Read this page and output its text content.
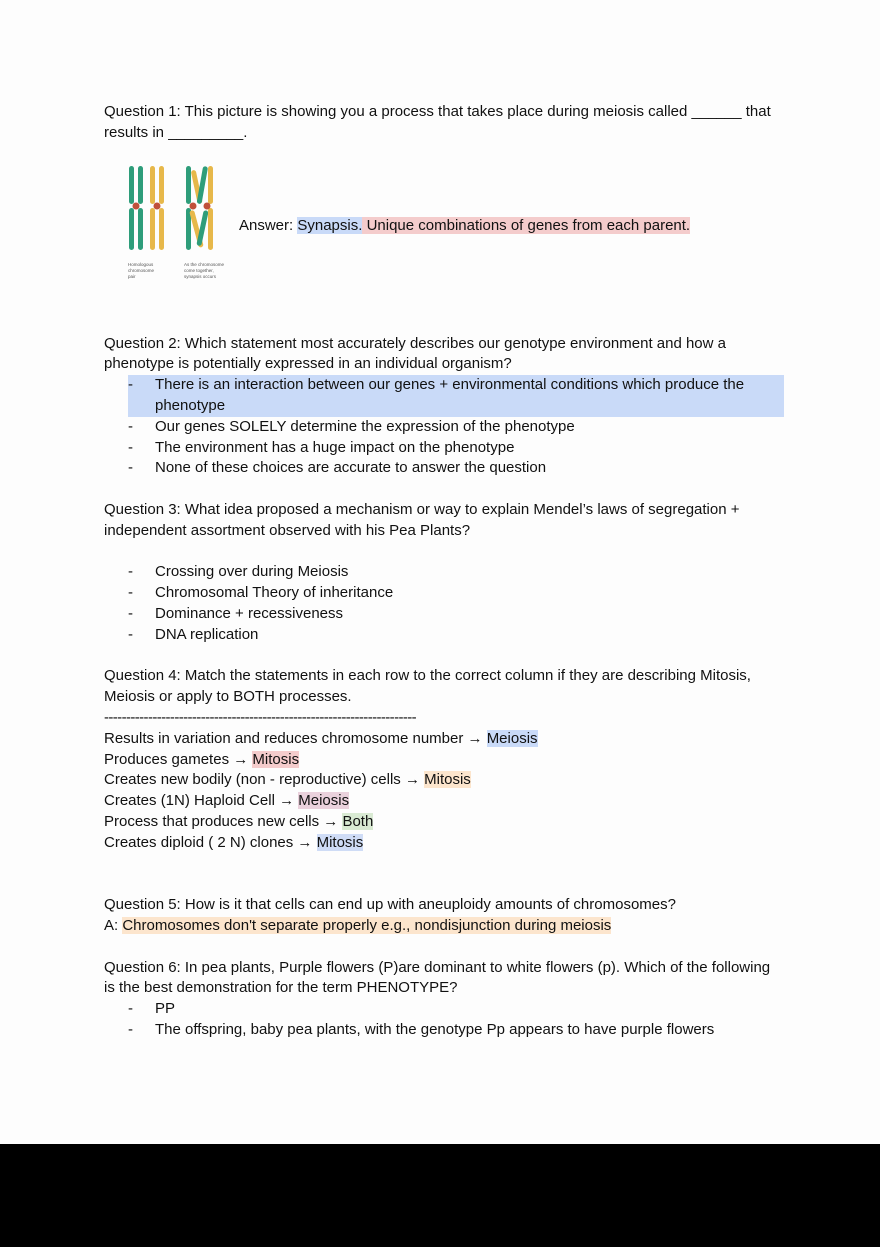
Question 1: This picture is showing you a process that takes place during meiosis called ______ that results in _________.

Homologous
chromosome
pair
As the chromosomes
come together,
synapsis occurs
Answer: Synapsis. Unique combinations of genes from each parent.

Question 2: Which statement most accurately describes our genotype environment and how a phenotype is potentially expressed in an individual organism?

- There is an interaction between our genes + environmental conditions which produce the phenotype
- Our genes SOLELY determine the expression of the phenotype
- The environment has a huge impact on the phenotype
- None of these choices are accurate to answer the question

Question 3: What idea proposed a mechanism or way to explain Mendel’s laws of segregation + independent assortment observed with his Pea Plants?

- Crossing over during Meiosis
- Chromosomal Theory of inheritance
- Dominance + recessiveness
- DNA replication

Question 4: Match the statements in each row to the correct column if they are describing Mitosis, Meiosis or apply to BOTH processes.

-----------------------------------------------------------------------

Results in variation and reduces chromosome number → Meiosis

Produces gametes → Mitosis

Creates new bodily (non - reproductive) cells → Mitosis

Creates (1N) Haploid Cell → Meiosis

Process that produces new cells → Both

Creates diploid ( 2 N) clones → Mitosis

Question 5: How is it that cells can end up with aneuploidy amounts of chromosomes?

A: Chromosomes don't separate properly e.g., nondisjunction during meiosis

Question 6: In pea plants, Purple flowers (P)are dominant to white flowers (p). Which of the following is the best demonstration for the term PHENOTYPE?

- PP
- The offspring, baby pea plants, with the genotype Pp appears to have purple flowers
